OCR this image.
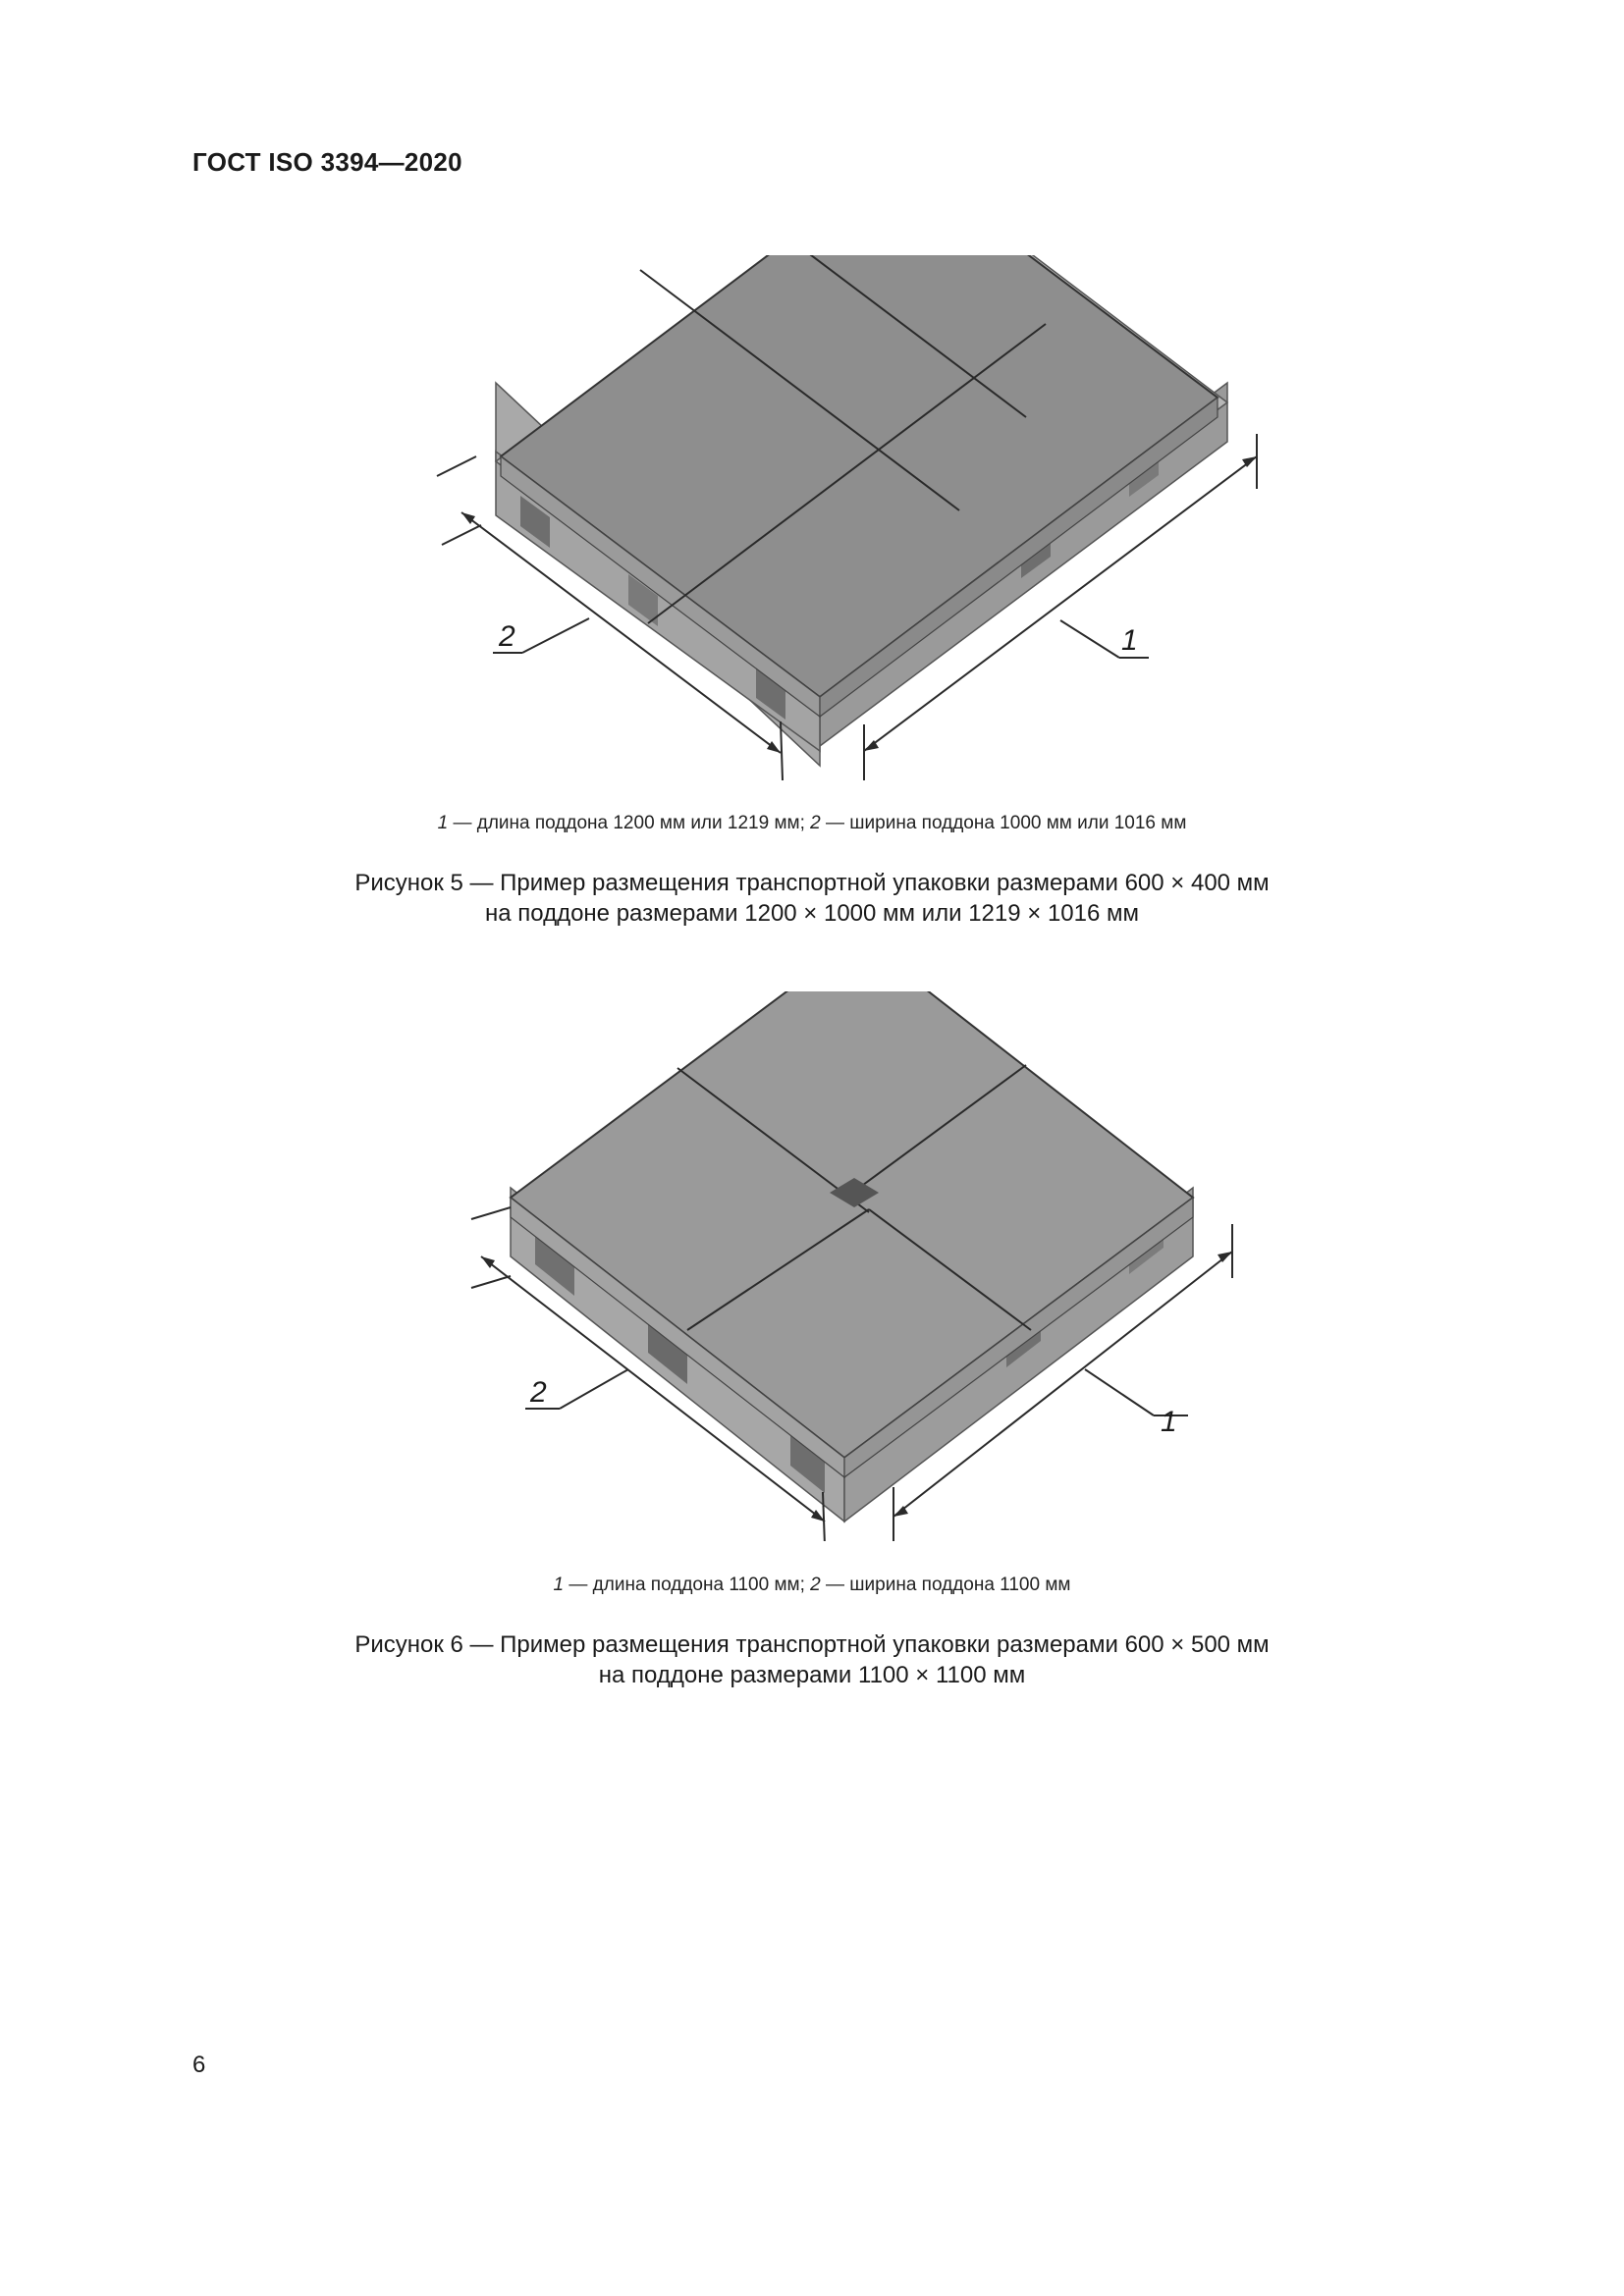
ГОСТ ISO 3394—2020
2	1
1 — длина поддона 1200 мм или 1219 мм; 2 — ширина поддона 1000 мм или 1016 мм
Рисунок 5 — Пример размещения транспортной упаковки размерами 600 × 400 мм
на поддоне размерами 1200 × 1000 мм или 1219 × 1016 мм
2
1
1 — длина поддона 1100 мм; 2 — ширина поддона 1100 мм
Рисунок 6 — Пример размещения транспортной упаковки размерами 600 × 500 мм
на поддоне размерами 1100 × 1100 мм
6
